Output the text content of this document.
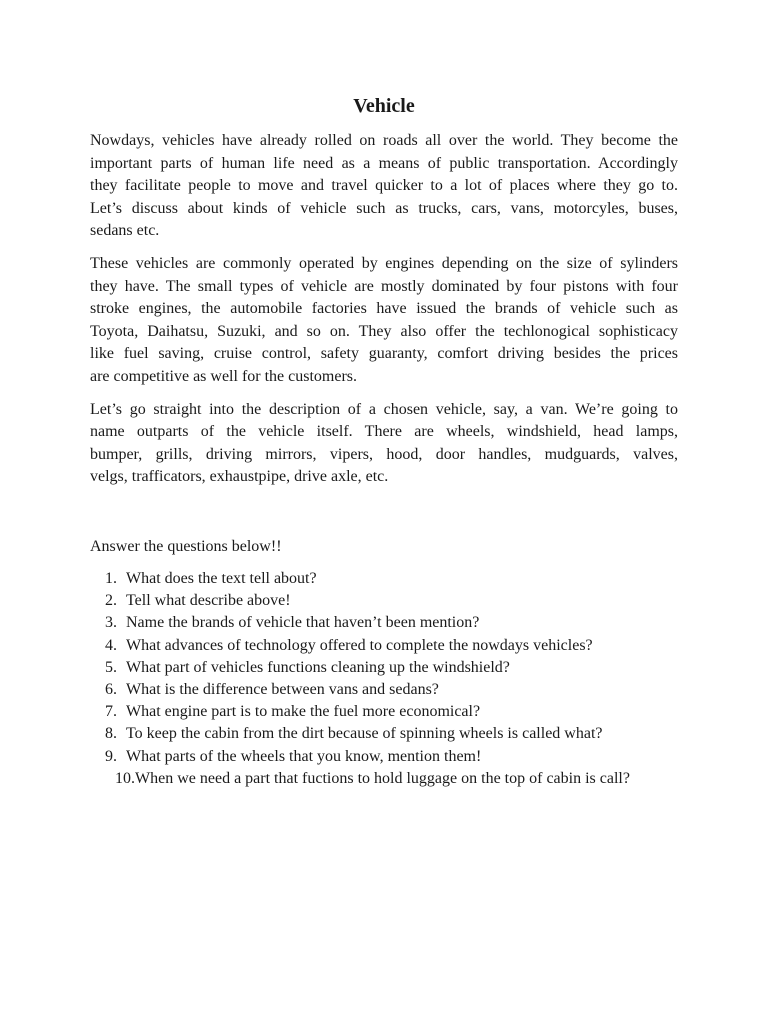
Vehicle
Nowdays, vehicles have already rolled on roads all over the world. They become the
important parts of human life need as a means of public transportation. Accordingly
they facilitate people to move and travel quicker to a lot of places where they go to.
Let’s discuss about kinds of vehicle such as trucks, cars, vans, motorcyles, buses,
sedans etc.
These vehicles are commonly operated by engines depending on the size of sylinders
they have. The small types of vehicle are mostly dominated by four pistons with four
stroke engines, the automobile factories have issued the brands of vehicle such as
Toyota, Daihatsu, Suzuki, and so on. They also offer the techlonogical sophisticacy
like fuel saving, cruise control, safety guaranty, comfort driving besides the prices
are competitive as well for the customers.
Let’s go straight into the description of a chosen vehicle, say, a van. We’re going to
name outparts of the vehicle itself. There are wheels, windshield, head lamps,
bumper, grills, driving mirrors, vipers, hood, door handles, mudguards, valves,
velgs, trafficators, exhaustpipe, drive axle, etc.

Answer the questions below!!

1. What does the text tell about?
2. Tell what describe above!
3. Name the brands of vehicle that haven’t been mention?
4. What advances of technology offered to complete the nowdays vehicles?
5. What part of vehicles functions cleaning up the windshield?
6. What is the difference between vans and sedans?
7. What engine part is to make the fuel more economical?
8. To keep the cabin from the dirt because of spinning wheels is called what?
9. What parts of the wheels that you know, mention them!
10. When we need a part that fuctions to hold luggage on the top of cabin is call?
